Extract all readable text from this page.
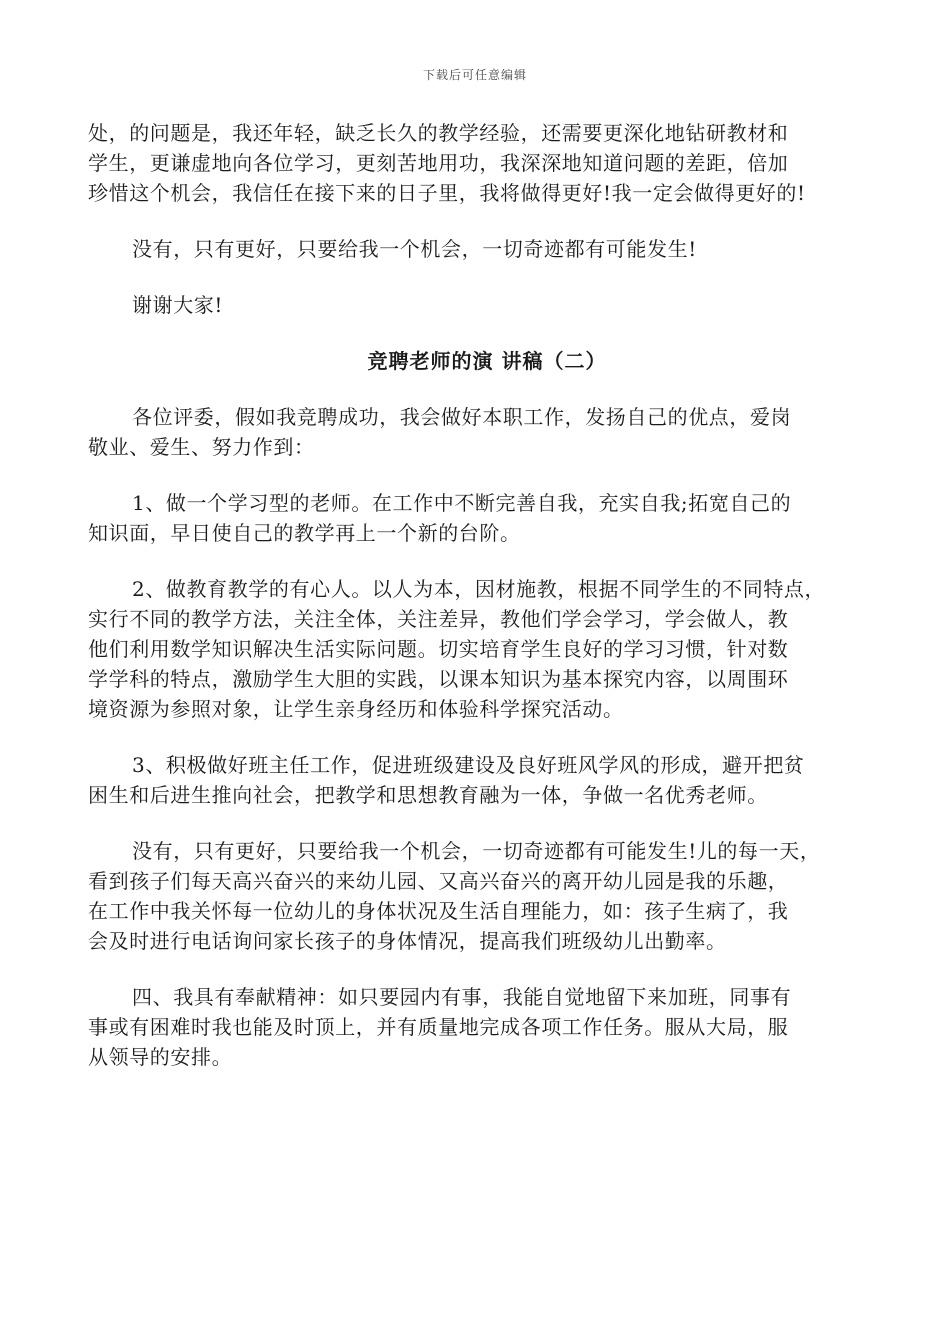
下载后可任意编辑
处，的问题是，我还年轻，缺乏长久的教学经验，还需要更深化地钻研教材和
学生，更谦虚地向各位学习，更刻苦地用功，我深深地知道问题的差距，倍加
珍惜这个机会，我信任在接下来的日子里，我将做得更好!我一定会做得更好的!
没有，只有更好，只要给我一个机会，一切奇迹都有可能发生!
谢谢大家!
竞聘老师的演 讲稿（二）
各位评委，假如我竞聘成功，我会做好本职工作，发扬自己的优点，爱岗
敬业、爱生、努力作到：
1、做一个学习型的老师。在工作中不断完善自我，充实自我;拓宽自己的
知识面，早日使自己的教学再上一个新的台阶。
2、做教育教学的有心人。以人为本，因材施教，根据不同学生的不同特点，
实行不同的教学方法，关注全体，关注差异，教他们学会学习，学会做人，教
他们利用数学知识解决生活实际问题。切实培育学生良好的学习习惯，针对数
学学科的特点，激励学生大胆的实践，以课本知识为基本探究内容，以周围环
境资源为参照对象，让学生亲身经历和体验科学探究活动。
3、积极做好班主任工作，促进班级建设及良好班风学风的形成，避开把贫
困生和后进生推向社会，把教学和思想教育融为一体，争做一名优秀老师。
没有，只有更好，只要给我一个机会，一切奇迹都有可能发生!儿的每一天，
看到孩子们每天高兴奋兴的来幼儿园、又高兴奋兴的离开幼儿园是我的乐趣，
在工作中我关怀每一位幼儿的身体状况及生活自理能力，如：孩子生病了，我
会及时进行电话询问家长孩子的身体情况，提高我们班级幼儿出勤率。
四、我具有奉献精神：如只要园内有事，我能自觉地留下来加班，同事有
事或有困难时我也能及时顶上，并有质量地完成各项工作任务。服从大局，服
从领导的安排。
